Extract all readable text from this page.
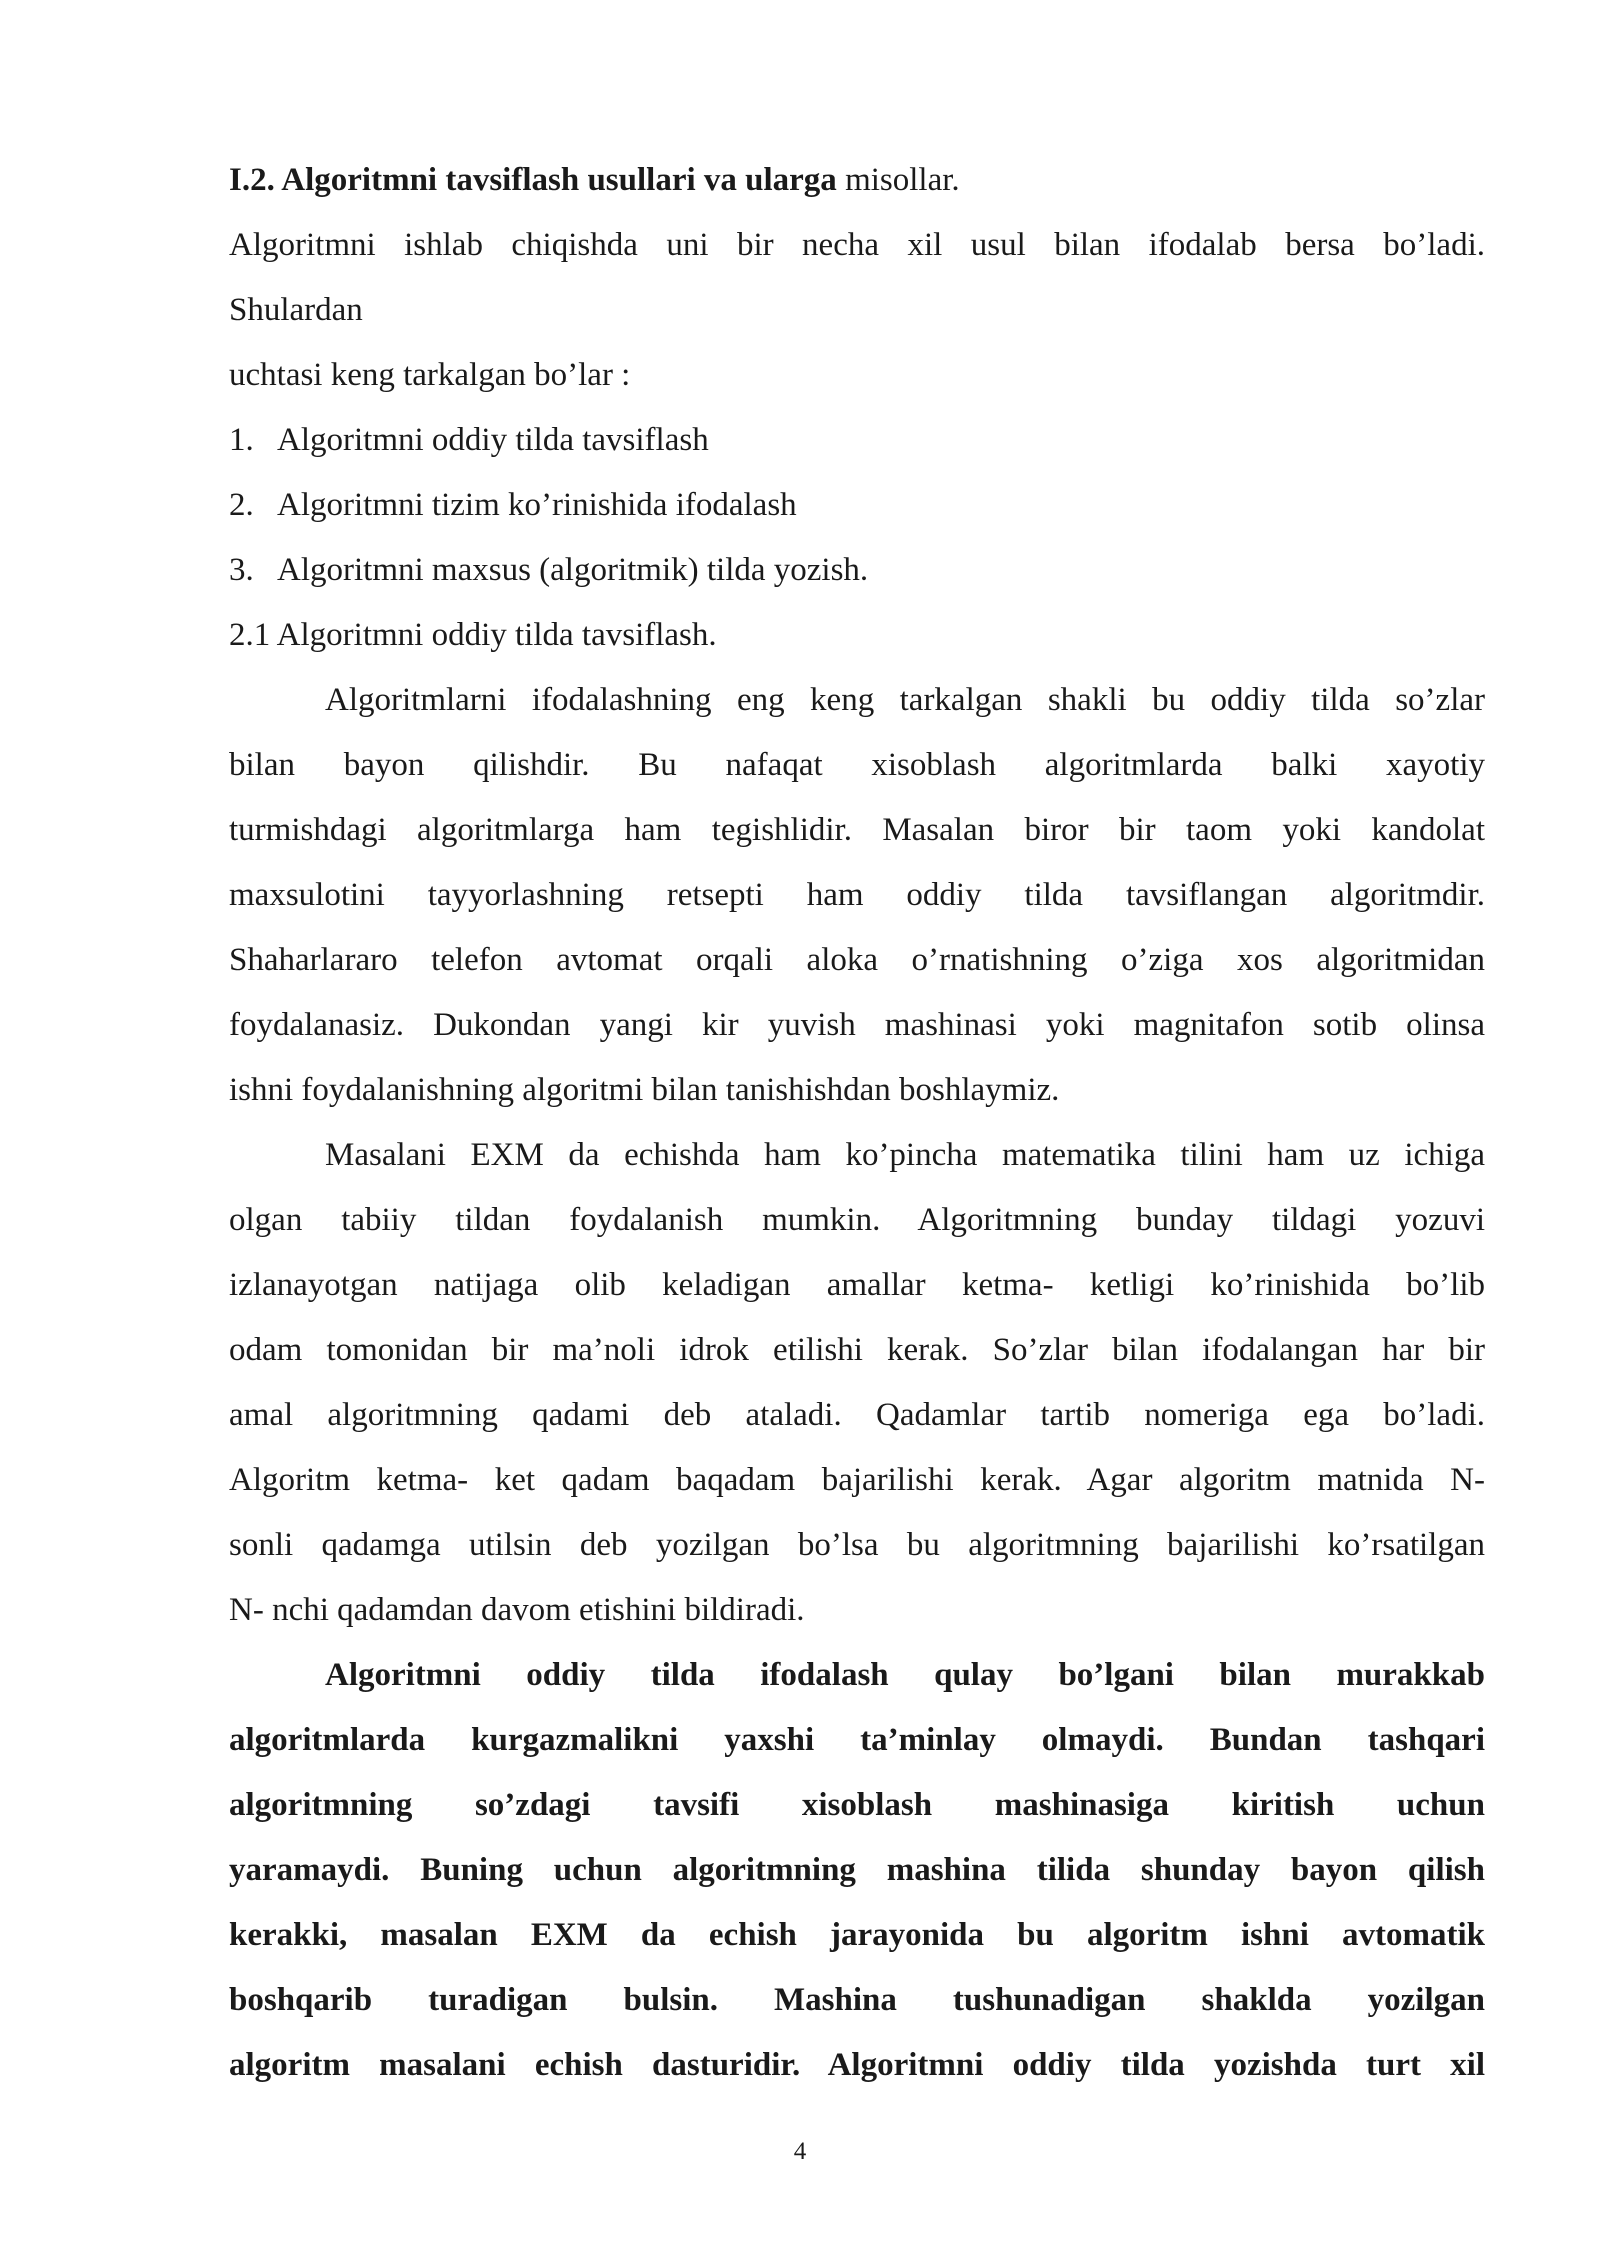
I.2. Algoritmni tavsiflash usullari va ularga misollar.
Algoritmni ishlab chiqishda uni bir necha xil usul bilan ifodalab bersa bo’ladi.
Shulardan
uchtasi keng tarkalgan bo’lar :
1. Algoritmni oddiy tilda tavsiflash
2. Algoritmni tizim ko’rinishida ifodalash
3. Algoritmni maxsus (algoritmik) tilda yozish.
2.1 Algoritmni oddiy tilda tavsiflash.
Algoritmlarni ifodalashning eng keng tarkalgan shakli bu oddiy tilda so’zlar
bilan bayon qilishdir. Bu nafaqat xisoblash algoritmlarda balki xayotiy
turmishdagi algoritmlarga ham tegishlidir. Masalan biror bir taom yoki kandolat
maxsulotini tayyorlashning retsepti ham oddiy tilda tavsiflangan algoritmdir.
Shaharlararo telefon avtomat orqali aloka o’rnatishning o’ziga xos algoritmidan
foydalanasiz. Dukondan yangi kir yuvish mashinasi yoki magnitafon sotib olinsa
ishni foydalanishning algoritmi bilan tanishishdan boshlaymiz.
Masalani EXM da echishda ham ko’pincha matematika tilini ham uz ichiga
olgan tabiiy tildan foydalanish mumkin. Algoritmning bunday tildagi yozuvi
izlanayotgan natijaga olib keladigan amallar ketma- ketligi ko’rinishida bo’lib
odam tomonidan bir ma’noli idrok etilishi kerak. So’zlar bilan ifodalangan har bir
amal algoritmning qadami deb ataladi. Qadamlar tartib nomeriga ega bo’ladi.
Algoritm ketma- ket qadam baqadam bajarilishi kerak. Agar algoritm matnida N-
sonli qadamga utilsin deb yozilgan bo’lsa bu algoritmning bajarilishi ko’rsatilgan
N- nchi qadamdan davom etishini bildiradi.
Algoritmni oddiy tilda ifodalash qulay bo’lgani bilan murakkab
algoritmlarda kurgazmalikni yaxshi ta’minlay olmaydi. Bundan tashqari
algoritmning so’zdagi tavsifi xisoblash mashinasiga kiritish uchun
yaramaydi. Buning uchun algoritmning mashina tilida shunday bayon qilish
kerakki, masalan EXM da echish jarayonida bu algoritm ishni avtomatik
boshqarib turadigan bulsin. Mashina tushunadigan shaklda yozilgan
algoritm masalani echish dasturidir. Algoritmni oddiy tilda yozishda turt xil
4
